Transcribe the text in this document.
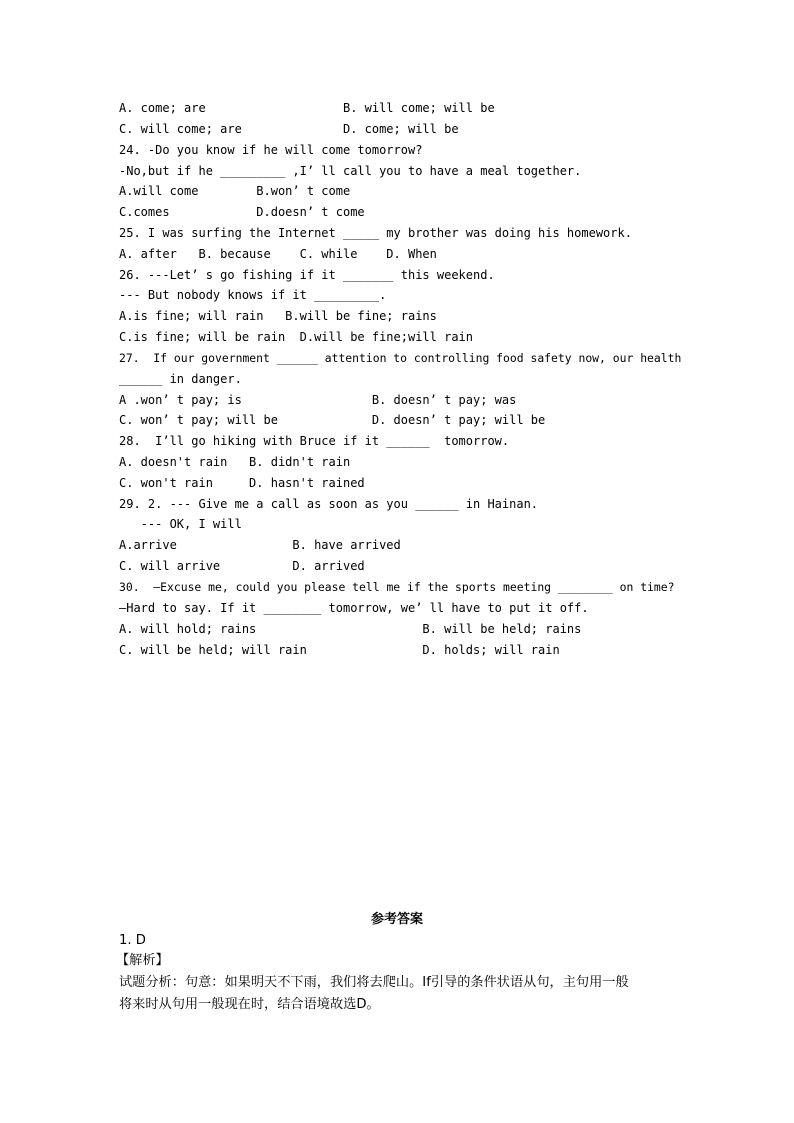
A. come; are                   B. will come; will be
C. will come; are              D. come; will be
24. -Do you know if he will come tomorrow?
-No,but if he _________ ,I’ ll call you to have a meal together.
A.will come        B.won’ t come
C.comes            D.doesn’ t come
25. I was surfing the Internet _____ my brother was doing his homework.
A. after   B. because    C. while    D. When
26. ---Let’ s go fishing if it _______ this weekend.
--- But nobody knows if it _________.
A.is fine; will rain   B.will be fine; rains
C.is fine; will be rain  D.will be fine;will rain
27.  If our government ______ attention to controlling food safety now, our health
______ in danger.
A .won’ t pay; is                  B. doesn’ t pay; was
C. won’ t pay; will be             D. doesn’ t pay; will be
28.  I’ll go hiking with Bruce if it ______  tomorrow.
A. doesn't rain   B. didn't rain
C. won't rain     D. hasn't rained
29. 2. --- Give me a call as soon as you ______ in Hainan.
--- OK, I will
A.arrive                B. have arrived
C. will arrive          D. arrived
30.  —Excuse me, could you please tell me if the sports meeting ________ on time?
—Hard to say. If it ________ tomorrow, we’ ll have to put it off.
A. will hold; rains                       B. will be held; rains
C. will be held; will rain                D. holds; will rain
参考答案
1. D
【解析】
试题分析：句意：如果明天不下雨，我们将去爬山。If引导的条件状语从句，主句用一般
将来时从句用一般现在时，结合语境故选D。
